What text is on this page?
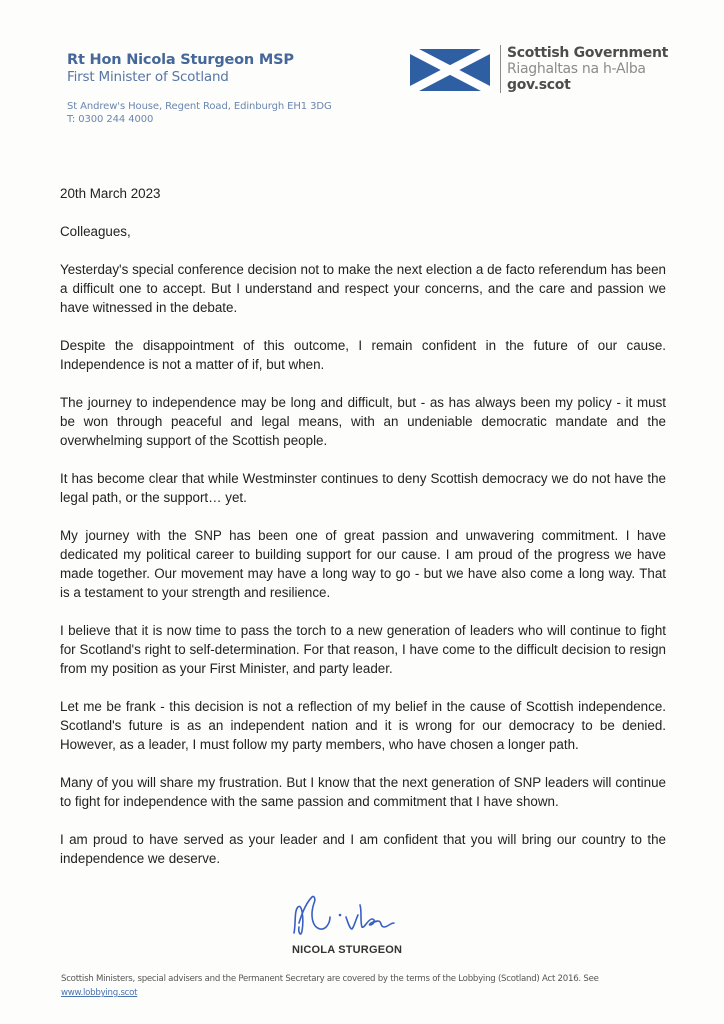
Rt Hon Nicola Sturgeon MSP
First Minister of Scotland
St Andrew's House, Regent Road, Edinburgh EH1 3DG
T: 0300 244 4000
Scottish Government
Riaghaltas na h-Alba
gov.scot

20th March 2023

Colleagues,

Yesterday's special conference decision not to make the next election a de facto referendum has been a difficult one to accept. But I understand and respect your concerns, and the care and passion we have witnessed in the debate.

Despite the disappointment of this outcome, I remain confident in the future of our cause. Independence is not a matter of if, but when.

The journey to independence may be long and difficult, but - as has always been my policy - it must be won through peaceful and legal means, with an undeniable democratic mandate and the overwhelming support of the Scottish people.

It has become clear that while Westminster continues to deny Scottish democracy we do not have the legal path, or the support… yet.

My journey with the SNP has been one of great passion and unwavering commitment. I have dedicated my political career to building support for our cause. I am proud of the progress we have made together. Our movement may have a long way to go - but we have also come a long way. That is a testament to your strength and resilience.

I believe that it is now time to pass the torch to a new generation of leaders who will continue to fight for Scotland's right to self-determination. For that reason, I have come to the difficult decision to resign from my position as your First Minister, and party leader.

Let me be frank - this decision is not a reflection of my belief in the cause of Scottish independence. Scotland's future is as an independent nation and it is wrong for our democracy to be denied. However, as a leader, I must follow my party members, who have chosen a longer path.

Many of you will share my frustration. But I know that the next generation of SNP leaders will continue to fight for independence with the same passion and commitment that I have shown.

I am proud to have served as your leader and I am confident that you will bring our country to the independence we deserve.

NICOLA STURGEON
Scottish Ministers, special advisers and the Permanent Secretary are covered by the terms of the Lobbying (Scotland) Act 2016. See www.lobbying.scot
